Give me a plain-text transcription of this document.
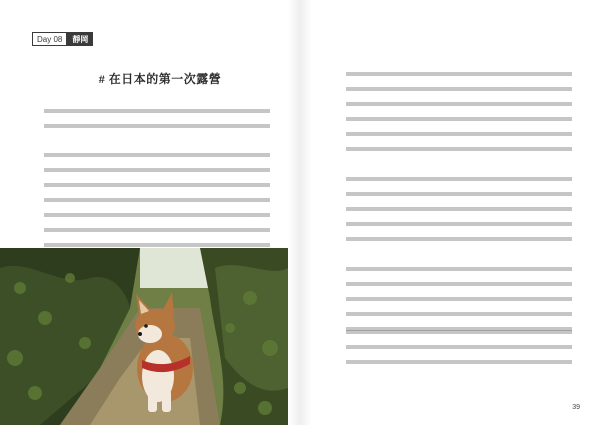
Day 08	靜岡
# 在日本的第一次露營
39
